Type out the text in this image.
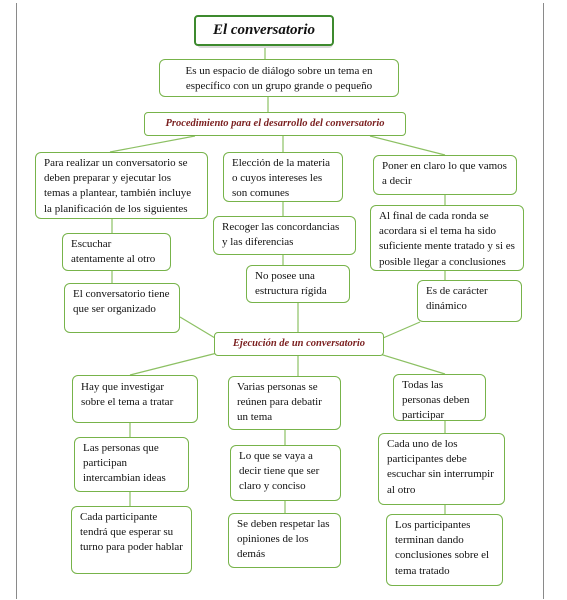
El conversatorio
Es un espacio de diálogo sobre un tema en específico con un grupo grande o pequeño
Procedimiento para el desarrollo del conversatorio
Para realizar un conversatorio se deben preparar y ejecutar los temas a plantear, también incluye la planificación de los siguientes
Elección de la materia o cuyos intereses les son comunes
Poner en claro lo que vamos a decir
Escuchar atentamente al otro
Recoger las concordancias y las diferencias
Al final de cada ronda se acordara si el tema ha sido suficiente mente tratado y si es posible llegar a conclusiones
No posee una estructura rígida
El conversatorio tiene que ser organizado
Es de carácter dinámico
Ejecución de un conversatorio
Hay que investigar sobre el tema a tratar
Varias personas se reúnen para debatir un tema
Todas las personas deben participar
Las personas que participan intercambian ideas
Lo que se vaya a decir tiene que ser claro y conciso
Cada uno de los participantes debe escuchar sin interrumpir al otro
Cada participante tendrá que esperar su turno para poder hablar
Se deben respetar las opiniones de los demás
Los participantes terminan dando conclusiones sobre el tema tratado
